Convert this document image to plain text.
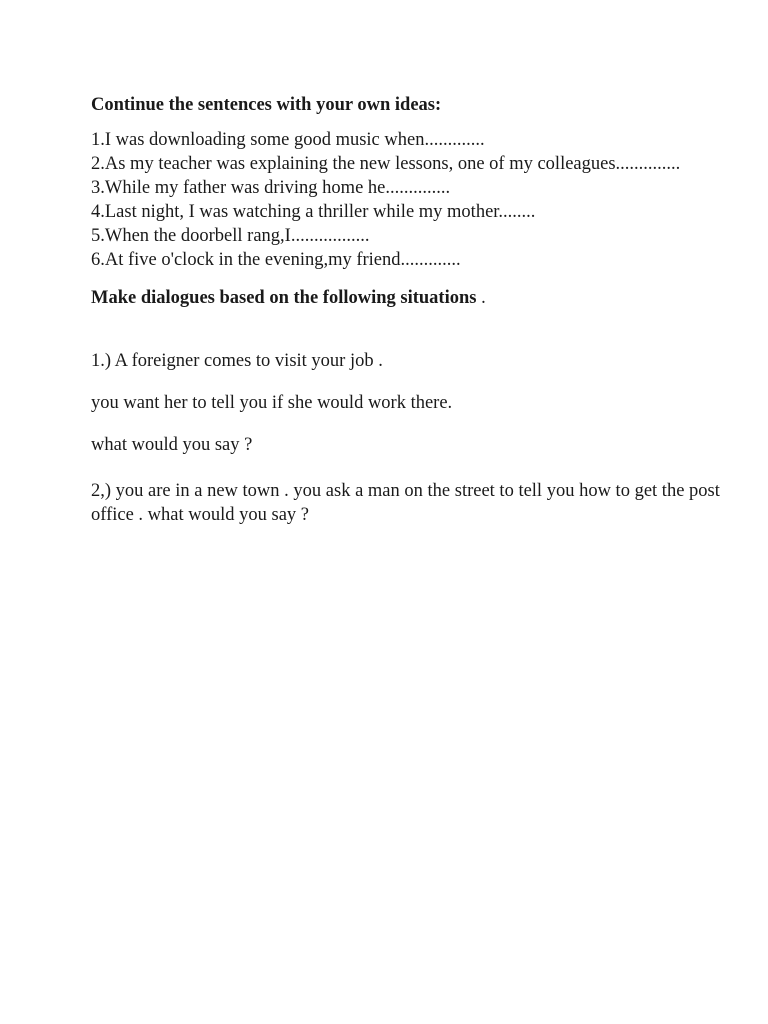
Continue the sentences with your own ideas:

1.I was downloading some good music when.............
2.As my teacher was explaining the new lessons, one of my colleagues..............
3.While my father was driving home he..............
4.Last night, I was watching a thriller while my mother........
5.When the doorbell rang,I.................
6.At five o'clock in the evening,my friend.............

Make dialogues based on the following situations .

1.) A foreigner comes to visit your job .

you want her to tell you if she would work there.

what would you say ?

2,) you are in a new town . you ask a man on the street to tell you how to get the post office . what would you say ?
